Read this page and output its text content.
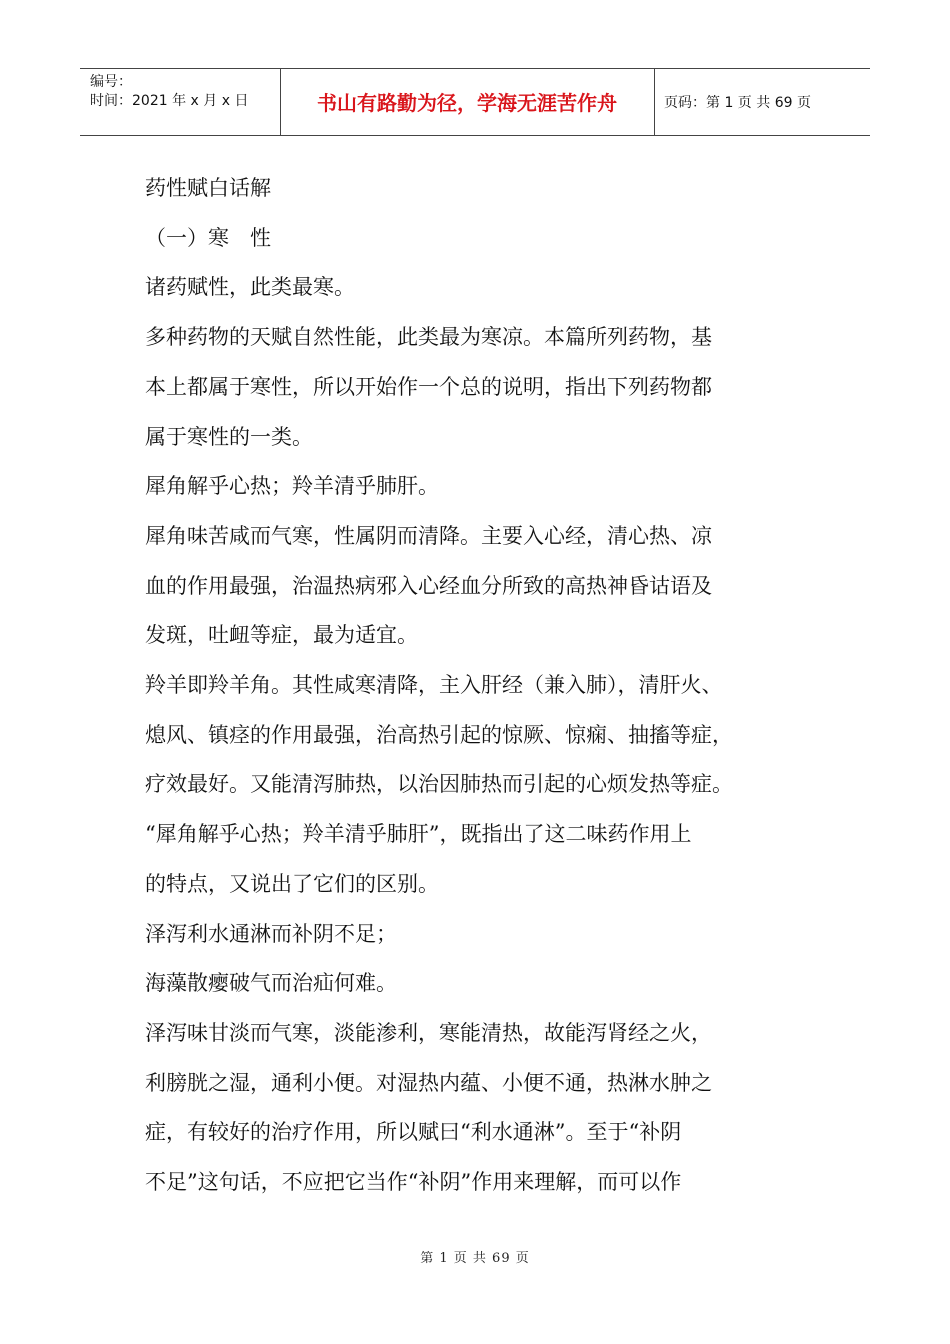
编号：
时间：2021 年 x 月 x 日	书山有路勤为径，学海无涯苦作舟	页码：第 1 页 共 69 页

药性赋白话解

（一）寒　性

诸药赋性，此类最寒。

多种药物的天赋自然性能，此类最为寒凉。本篇所列药物，基

本上都属于寒性，所以开始作一个总的说明，指出下列药物都

属于寒性的一类。

犀角解乎心热；羚羊清乎肺肝。

犀角味苦咸而气寒，性属阴而清降。主要入心经，清心热、凉

血的作用最强，治温热病邪入心经血分所致的高热神昏诂语及

发斑，吐衄等症，最为适宜。

羚羊即羚羊角。其性咸寒清降，主入肝经（兼入肺），清肝火、

熄风、镇痉的作用最强，治高热引起的惊厥、惊痫、抽搐等症，

疗效最好。又能清泻肺热，以治因肺热而引起的心烦发热等症。

“犀角解乎心热；羚羊清乎肺肝”，既指出了这二味药作用上

的特点，又说出了它们的区别。

泽泻利水通淋而补阴不足；

海藻散瘿破气而治疝何难。

泽泻味甘淡而气寒，淡能渗利，寒能清热，故能泻肾经之火，

利膀胱之湿，通利小便。对湿热内蕴、小便不通，热淋水肿之

症，有较好的治疗作用，所以赋曰“利水通淋”。至于“补阴

不足”这句话，不应把它当作“补阴”作用来理解，而可以作

第 1 页 共 69 页
